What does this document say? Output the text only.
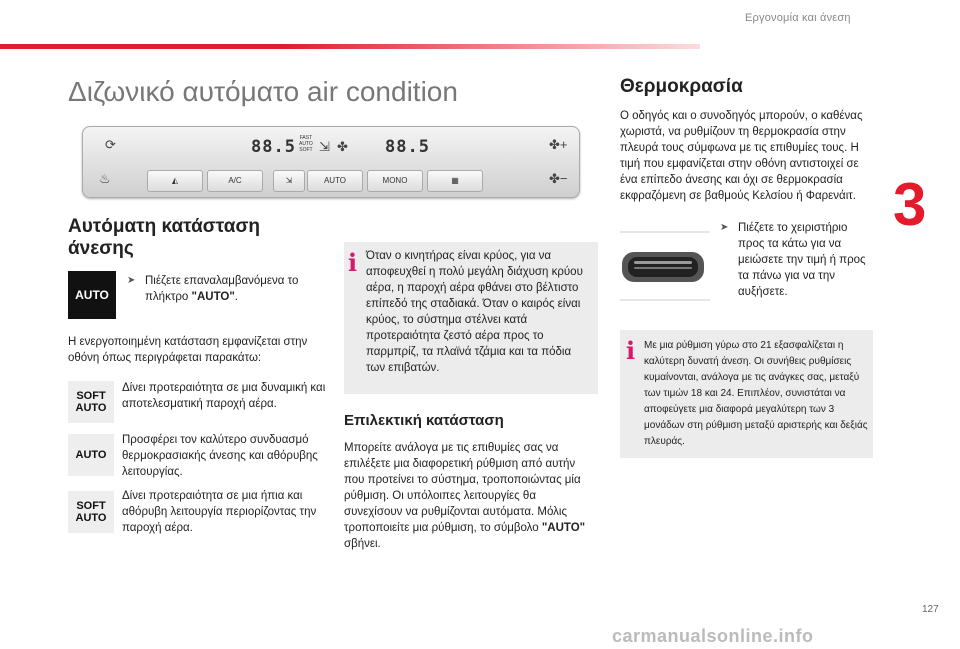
Εργονομία και άνεση
Διζωνικό αυτόματο air condition
3
⟳
♨
88.5 FAST
AUTO
SOFT ⇲ ✤ 88.5	✤+
✤−
◭	A/C	⇲	AUTO	MONO	▦
Αυτόματη κατάσταση άνεσης
AUTO
➤ Πιέζετε επαναλαμβανόμενα το πλήκτρο "AUTO".
Η ενεργοποιημένη κατάσταση εμφανίζεται στην οθόνη όπως περιγράφεται παρακάτω:
SOFT AUTO
Δίνει προτεραιότητα σε μια δυναμική και αποτελεσματική παροχή αέρα.
AUTO
Προσφέρει τον καλύτερο συνδυασμό θερμοκρασιακής άνεσης και αθόρυβης λειτουργίας.
SOFT AUTO
Δίνει προτεραιότητα σε μια ήπια και αθόρυβη λειτουργία περιορίζοντας την παροχή αέρα.
i Όταν ο κινητήρας είναι κρύος, για να αποφευχθεί η πολύ μεγάλη διάχυση κρύου αέρα, η παροχή αέρα φθάνει στο βέλτιστο επίπεδό της σταδιακά. Όταν ο καιρός είναι κρύος, το σύστημα στέλνει κατά προτεραιότητα ζεστό αέρα προς το παρμπρίζ, τα πλαϊνά τζάμια και τα πόδια των επιβατών.
Επιλεκτική κατάσταση
Μπορείτε ανάλογα με τις επιθυμίες σας να επιλέξετε μια διαφορετική ρύθμιση από αυτήν που προτείνει το σύστημα, τροποποιώντας μία ρύθμιση. Οι υπόλοιπες λειτουργίες θα συνεχίσουν να ρυθμίζονται αυτόματα. Μόλις τροποποιείτε μια ρύθμιση, το σύμβολο "AUTO" σβήνει.
Θερμοκρασία
Ο οδηγός και ο συνοδηγός μπορούν, ο καθένας χωριστά, να ρυθμίζουν τη θερμοκρασία στην πλευρά τους σύμφωνα με τις επιθυμίες τους. Η τιμή που εμφανίζεται στην οθόνη αντιστοιχεί σε ένα επίπεδο άνεσης και όχι σε θερμοκρασία εκφραζόμενη σε βαθμούς Κελσίου ή Φαρενάιτ.
➤ Πιέζετε το χειριστήριο προς τα κάτω για να μειώσετε την τιμή ή προς τα πάνω για να την αυξήσετε.
i Με μια ρύθμιση γύρω στο 21 εξασφαλίζεται η καλύτερη δυνατή άνεση. Οι συνήθεις ρυθμίσεις κυμαίνονται, ανάλογα με τις ανάγκες σας, μεταξύ των τιμών 18 και 24. Επιπλέον, συνιστάται να αποφεύγετε μια διαφορά μεγαλύτερη των 3 μονάδων στη ρύθμιση μεταξύ αριστερής και δεξιάς πλευράς.
127
carmanualsonline.info
